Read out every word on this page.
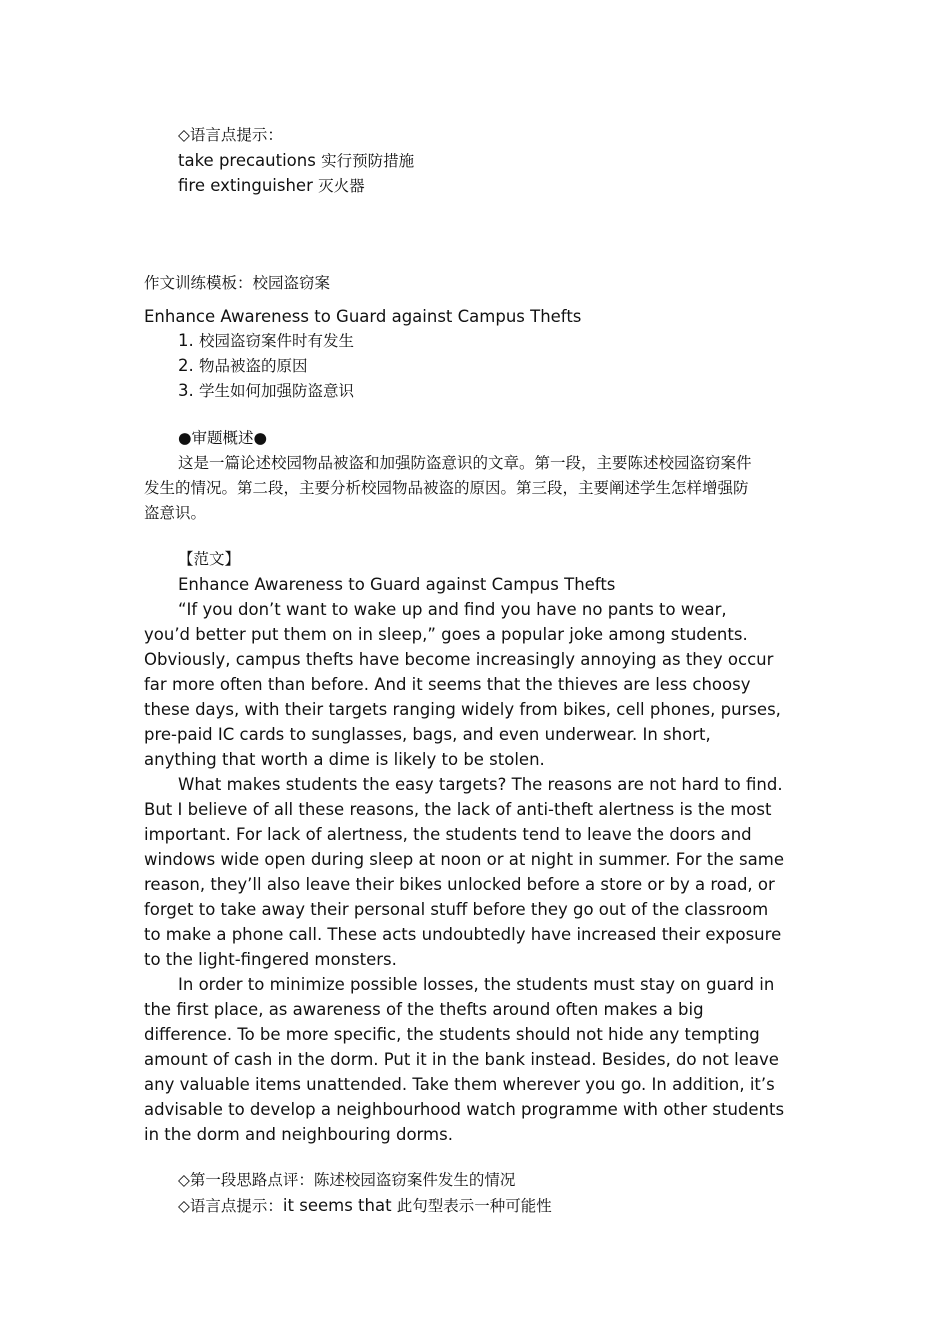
◇语言点提示：
take precautions 实行预防措施
fire extinguisher 灭火器
作文训练模板：校园盗窃案
Enhance Awareness to Guard against Campus Thefts
1. 校园盗窃案件时有发生
2. 物品被盗的原因
3. 学生如何加强防盗意识
●审题概述●
这是一篇论述校园物品被盗和加强防盗意识的文章。第一段，主要陈述校园盗窃案件
发生的情况。第二段，主要分析校园物品被盗的原因。第三段，主要阐述学生怎样增强防
盗意识。
【范文】
Enhance Awareness to Guard against Campus Thefts
“If you don’t want to wake up and find you have no pants to wear,
you’d better put them on in sleep,” goes a popular joke among students.
Obviously, campus thefts have become increasingly annoying as they occur
far more often than before. And it seems that the thieves are less choosy
these days, with their targets ranging widely from bikes, cell phones, purses,
pre-paid IC cards to sunglasses, bags, and even underwear. In short,
anything that worth a dime is likely to be stolen.
What makes students the easy targets? The reasons are not hard to find.
But I believe of all these reasons, the lack of anti-theft alertness is the most
important. For lack of alertness, the students tend to leave the doors and
windows wide open during sleep at noon or at night in summer. For the same
reason, they’ll also leave their bikes unlocked before a store or by a road, or
forget to take away their personal stuff before they go out of the classroom
to make a phone call. These acts undoubtedly have increased their exposure
to the light-fingered monsters.
In order to minimize possible losses, the students must stay on guard in
the first place, as awareness of the thefts around often makes a big
difference. To be more specific, the students should not hide any tempting
amount of cash in the dorm. Put it in the bank instead. Besides, do not leave
any valuable items unattended. Take them wherever you go. In addition, it’s
advisable to develop a neighbourhood watch programme with other students
in the dorm and neighbouring dorms.
◇第一段思路点评：陈述校园盗窃案件发生的情况
◇语言点提示：it seems that 此句型表示一种可能性
